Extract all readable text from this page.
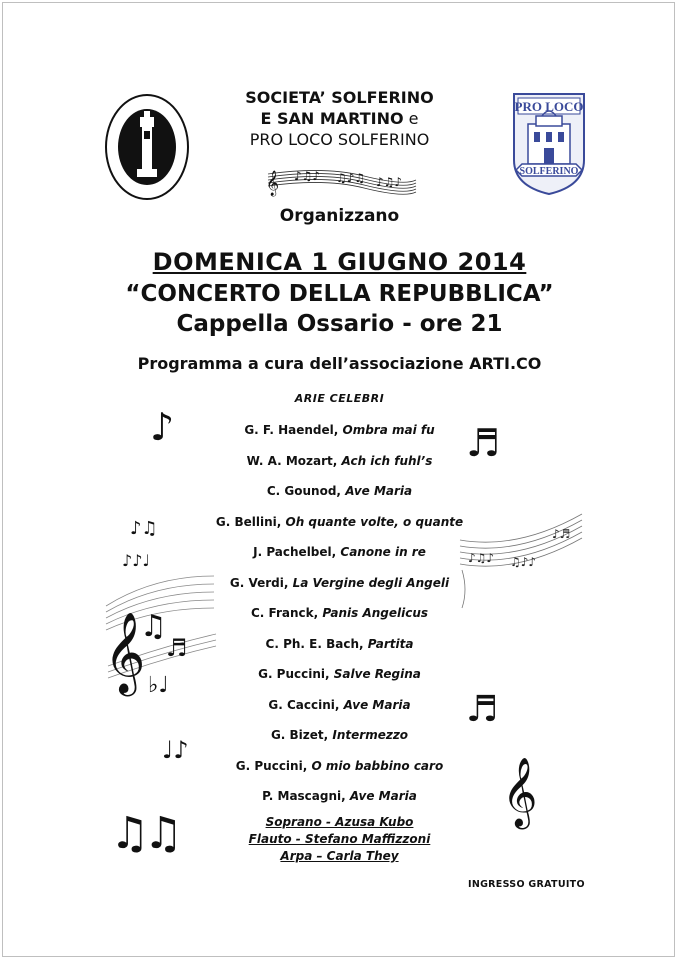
PRO LOCO
SOLFERINO
SOCIETA’ SOLFERINO
E SAN MARTINO e
PRO LOCO SOLFERINO
𝄞 ♪♫♪ ♫♪♫ ♪♫♪
Organizzano
DOMENICA 1 GIUGNO 2014
“CONCERTO DELLA REPUBBLICA”
Cappella Ossario - ore 21
Programma a cura dell’associazione ARTI.CO
ARIE CELEBRI
G. F. Haendel, Ombra mai fu
W. A. Mozart, Ach ich fuhl’s
C. Gounod, Ave Maria
G. Bellini, Oh quante volte, o quante
J. Pachelbel, Canone in re
G. Verdi, La Vergine degli Angeli
C. Franck, Panis Angelicus
C. Ph. E. Bach, Partita
G. Puccini, Salve Regina
G. Caccini, Ave Maria
G. Bizet, Intermezzo
G. Puccini, O mio babbino caro
P. Mascagni, Ave Maria
Soprano - Azusa Kubo
Flauto - Stefano Maffizzoni
Arpa – Carla They
INGRESSO GRATUITO
♪	♬
♬
♩♪
𝄞
♫♫
𝄞
♪♫
♪♪♩
♫
♬
♭♩
♪♫♪ ♫♪♪
♪♬
